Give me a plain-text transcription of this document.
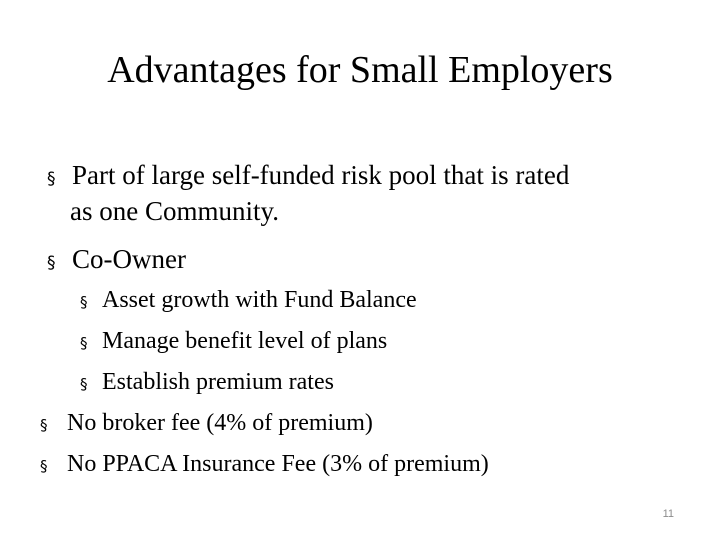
Advantages for Small Employers
§ Part of large self-funded risk pool that is rated
as one Community.
§ Co-Owner
§ Asset growth with Fund Balance
§ Manage benefit level of plans
§ Establish premium rates
§ No broker fee (4% of premium)
§ No PPACA Insurance Fee (3% of premium)
11
